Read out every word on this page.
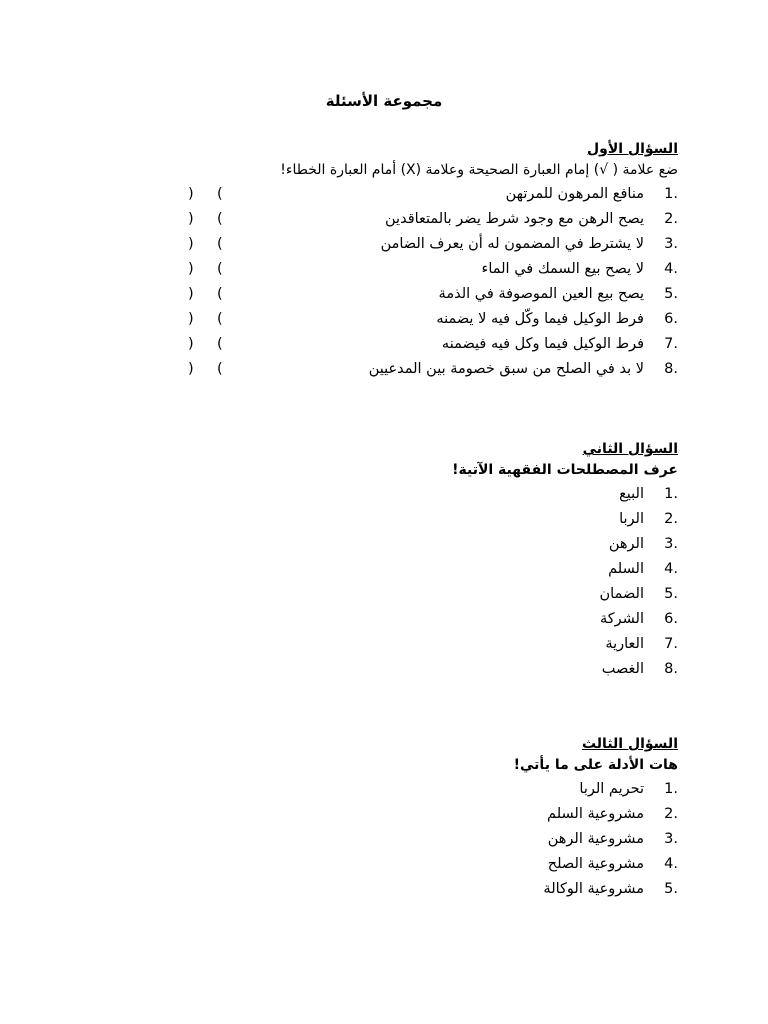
مجموعة الأسئلة
السؤال الأول
ضع علامة ( √) إمام العبارة الصحيحة وعلامة (X) أمام العبارة الخطاء!
1.منافع المرهون للمرتهن
(
)
2.يصح الرهن مع وجود شرط يضر بالمتعاقدين
(
)
3.لا يشترط في المضمون له أن يعرف الضامن
(
)
4.لا يصح بيع السمك في الماء
(
)
5.يصح بيع العين الموصوفة في الذمة
(
)
6.فرط الوكيل فيما وكّل فيه لا يضمنه
(
)
7.فرط الوكيل فيما وكل فيه فيضمنه
(
)
8.لا بد في الصلح من سبق خصومة بين المدعيين
(
)
السؤال الثاني
عرف المصطلحات الفقهية الآتية!
1.البيع
2.الربا
3.الرهن
4.السلم
5.الضمان
6.الشركة
7.العارية
8.الغصب
السؤال الثالث
هات الأدلة على ما يأتي!
1.تحريم الربا
2.مشروعية السلم
3.مشروعية الرهن
4.مشروعية الصلح
5.مشروعية الوكالة
